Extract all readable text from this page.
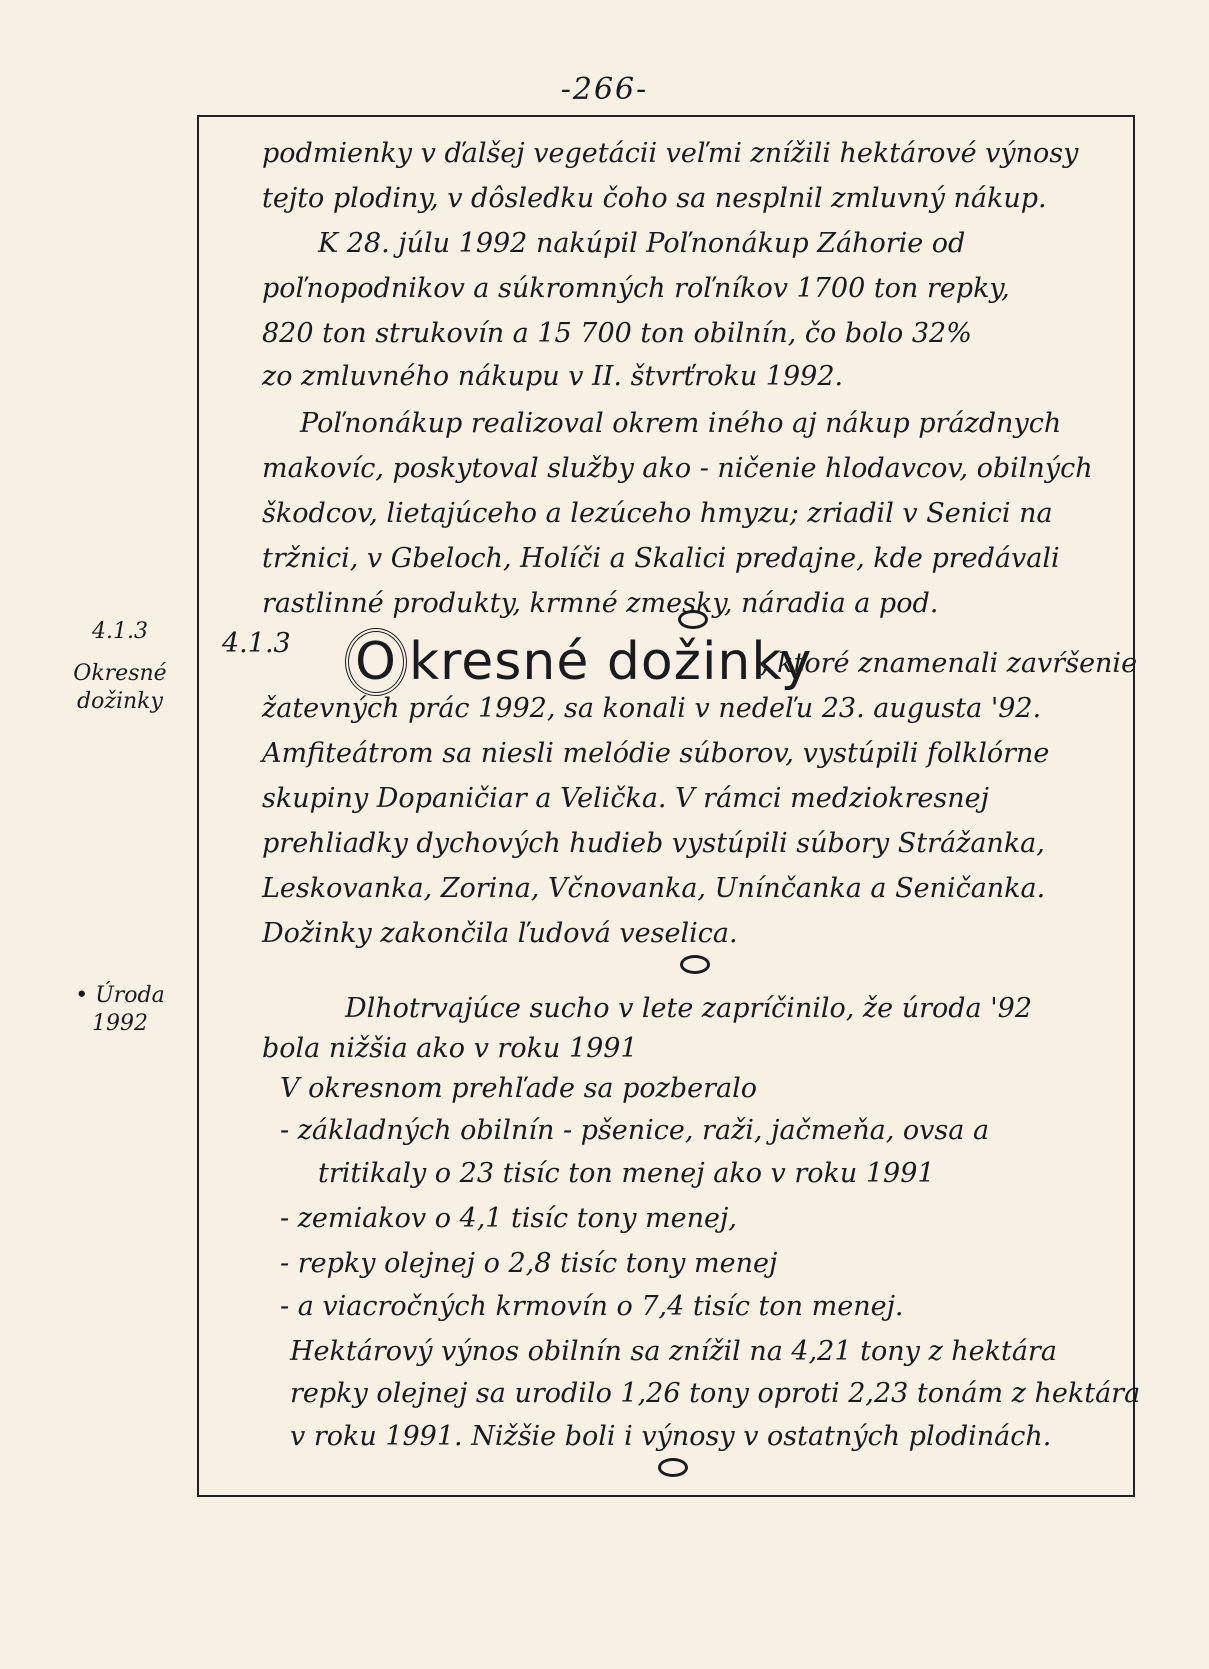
-266-
4.1.3
Okresné
dožinky
• Úroda
1992
podmienky v ďalšej vegetácii veľmi znížili hektárové výnosy
tejto plodiny, v dôsledku čoho sa nesplnil zmluvný nákup.
K 28. júlu 1992 nakúpil Poľnonákup Záhorie od
poľnopodnikov a súkromných roľníkov 1700 ton repky,
820 ton strukovín a 15 700 ton obilnín, čo bolo 32%
zo zmluvného nákupu v II. štvrťroku 1992.
Poľnonákup realizoval okrem iného aj nákup prázdnych
makovíc, poskytoval služby ako - ničenie hlodavcov, obilných
škodcov, lietajúceho a lezúceho hmyzu; zriadil v Senici na
tržnici, v Gbeloch, Holíči a Skalici predajne, kde predávali
rastlinné produkty, krmné zmesky, náradia a pod.
4.1.3 O kresné dožinky
, ktoré znamenali zavŕšenie
žatevných prác 1992, sa konali v nedeľu 23. augusta '92.
Amfiteátrom sa niesli melódie súborov, vystúpili folklórne
skupiny Dopaničiar a Velička. V rámci medziokresnej
prehliadky dychových hudieb vystúpili súbory Strážanka,
Leskovanka, Zorina, Včnovanka, Unínčanka a Seničanka.
Dožinky zakončila ľudová veselica.
Dlhotrvajúce sucho v lete zapríčinilo, že úroda '92
bola nižšia ako v roku 1991
V okresnom prehľade sa pozberalo
- základných obilnín - pšenice, raži, jačmeňa, ovsa a
tritikaly o 23 tisíc ton menej ako v roku 1991
- zemiakov o 4,1 tisíc tony menej,
- repky olejnej o 2,8 tisíc tony menej
- a viacročných krmovín o 7,4 tisíc ton menej.
Hektárový výnos obilnín sa znížil na 4,21 tony z hektára
repky olejnej sa urodilo 1,26 tony oproti 2,23 tonám z hektára
v roku 1991. Nižšie boli i výnosy v ostatných plodinách.
